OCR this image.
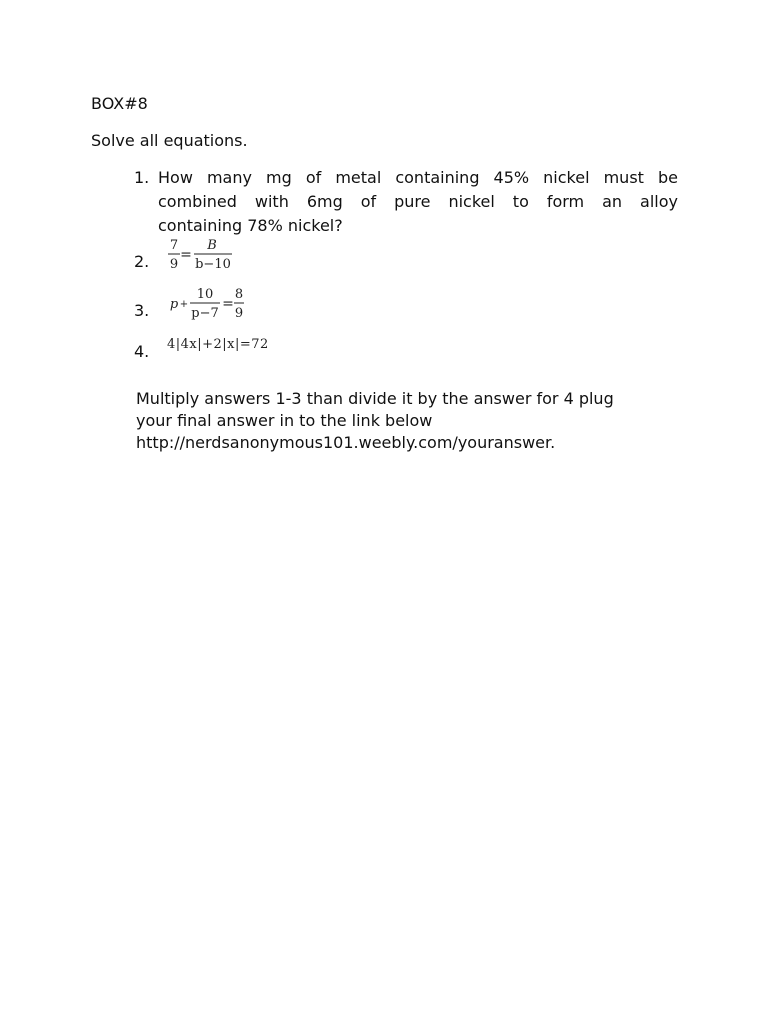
BOX#8
Solve all equations.
1. How many mg of metal containing 45% nickel must be
combined with 6mg of pure nickel to form an alloy
containing 78% nickel?
2.
7
9
=
B
b−10
3. p +
10
p−7
=
8
9
4. 4|4x|+2|x|=72
Multiply answers 1-3 than divide it by the answer for 4 plug
your final answer in to the link below
http://nerdsanonymous101.weebly.com/youranswer.
